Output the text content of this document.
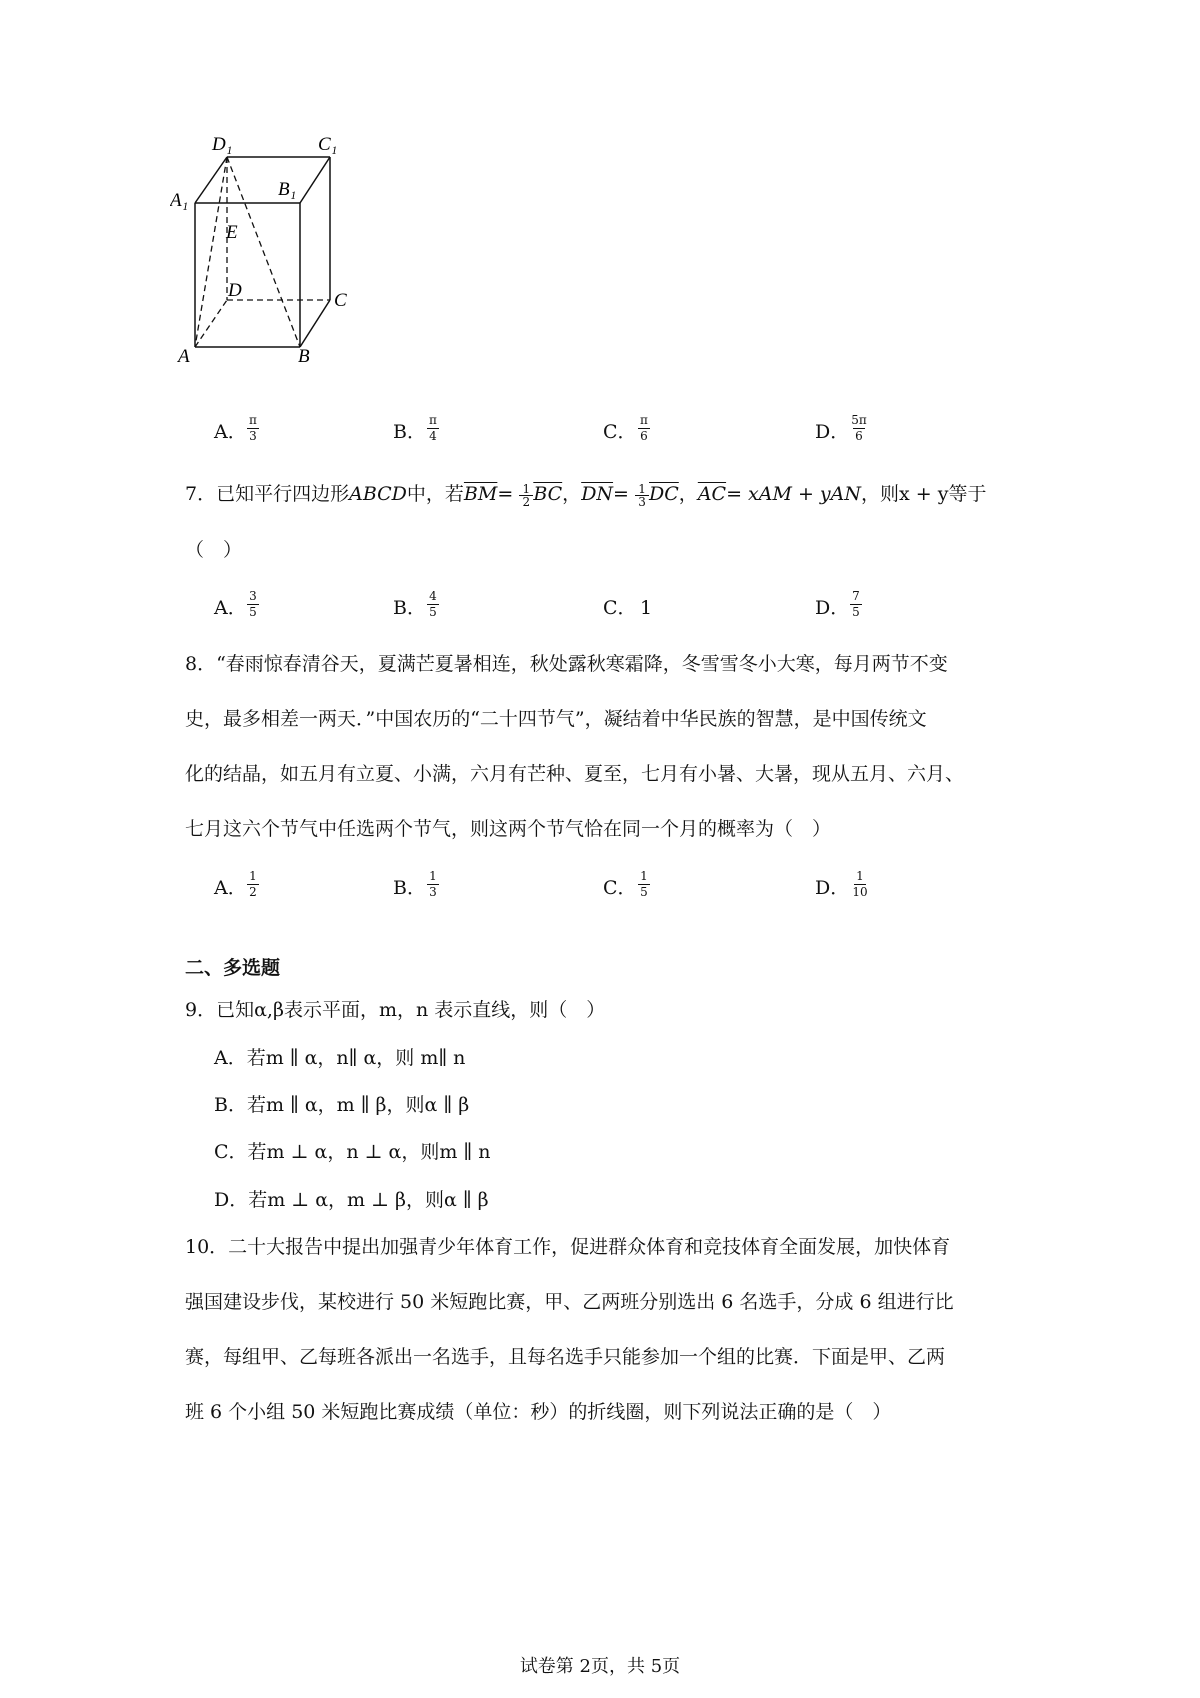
D₁	C₁
A₁
B₁
E
D	C
A	B
A．
π
3	B．
π
4	C．
π
6	D．
5π
6
7．已知平行四边形ABCD中，若$\overline{BM}= \frac{1}{2} \overline{BC}$，$\overline{DN}= \frac{1}{3} \overline{DC}$，$\overline{AC}=$ xAM + yAN，则x + y等于
（　）
A．
3
5	B．
4
5	C． 1	D．
7
5
8．“春雨惊春清谷天，夏满芒夏暑相连，秋处露秋寒霜降，冬雪雪冬小大寒，每月两节不变
史，最多相差一两天．”中国农历的“二十四节气”，凝结着中华民族的智慧，是中国传统文
化的结晶，如五月有立夏、小满，六月有芒种、夏至，七月有小暑、大暑，现从五月、六月、
七月这六个节气中任选两个节气，则这两个节气恰在同一个月的概率为（　）
A．
1
2	B．
1
3	C．
1
5	D．
1
10
二、多选题
9．已知α,β表示平面，m，n 表示直线，则（　）
A．若m ∥ α，n∥ α，则 m∥ n
B．若m ∥ α，m ∥ β，则α ∥ β
C．若m ⊥ α，n ⊥ α，则m ∥ n
D．若m ⊥ α，m ⊥ β，则α ∥ β
10．二十大报告中提出加强青少年体育工作，促进群众体育和竞技体育全面发展，加快体育
强国建设步伐，某校进行 50 米短跑比赛，甲、乙两班分别选出 6 名选手，分成 6 组进行比
赛，每组甲、乙每班各派出一名选手，且每名选手只能参加一个组的比赛．下面是甲、乙两
班 6 个小组 50 米短跑比赛成绩（单位：秒）的折线圈，则下列说法正确的是（　）
试卷第 2页，共 5页
